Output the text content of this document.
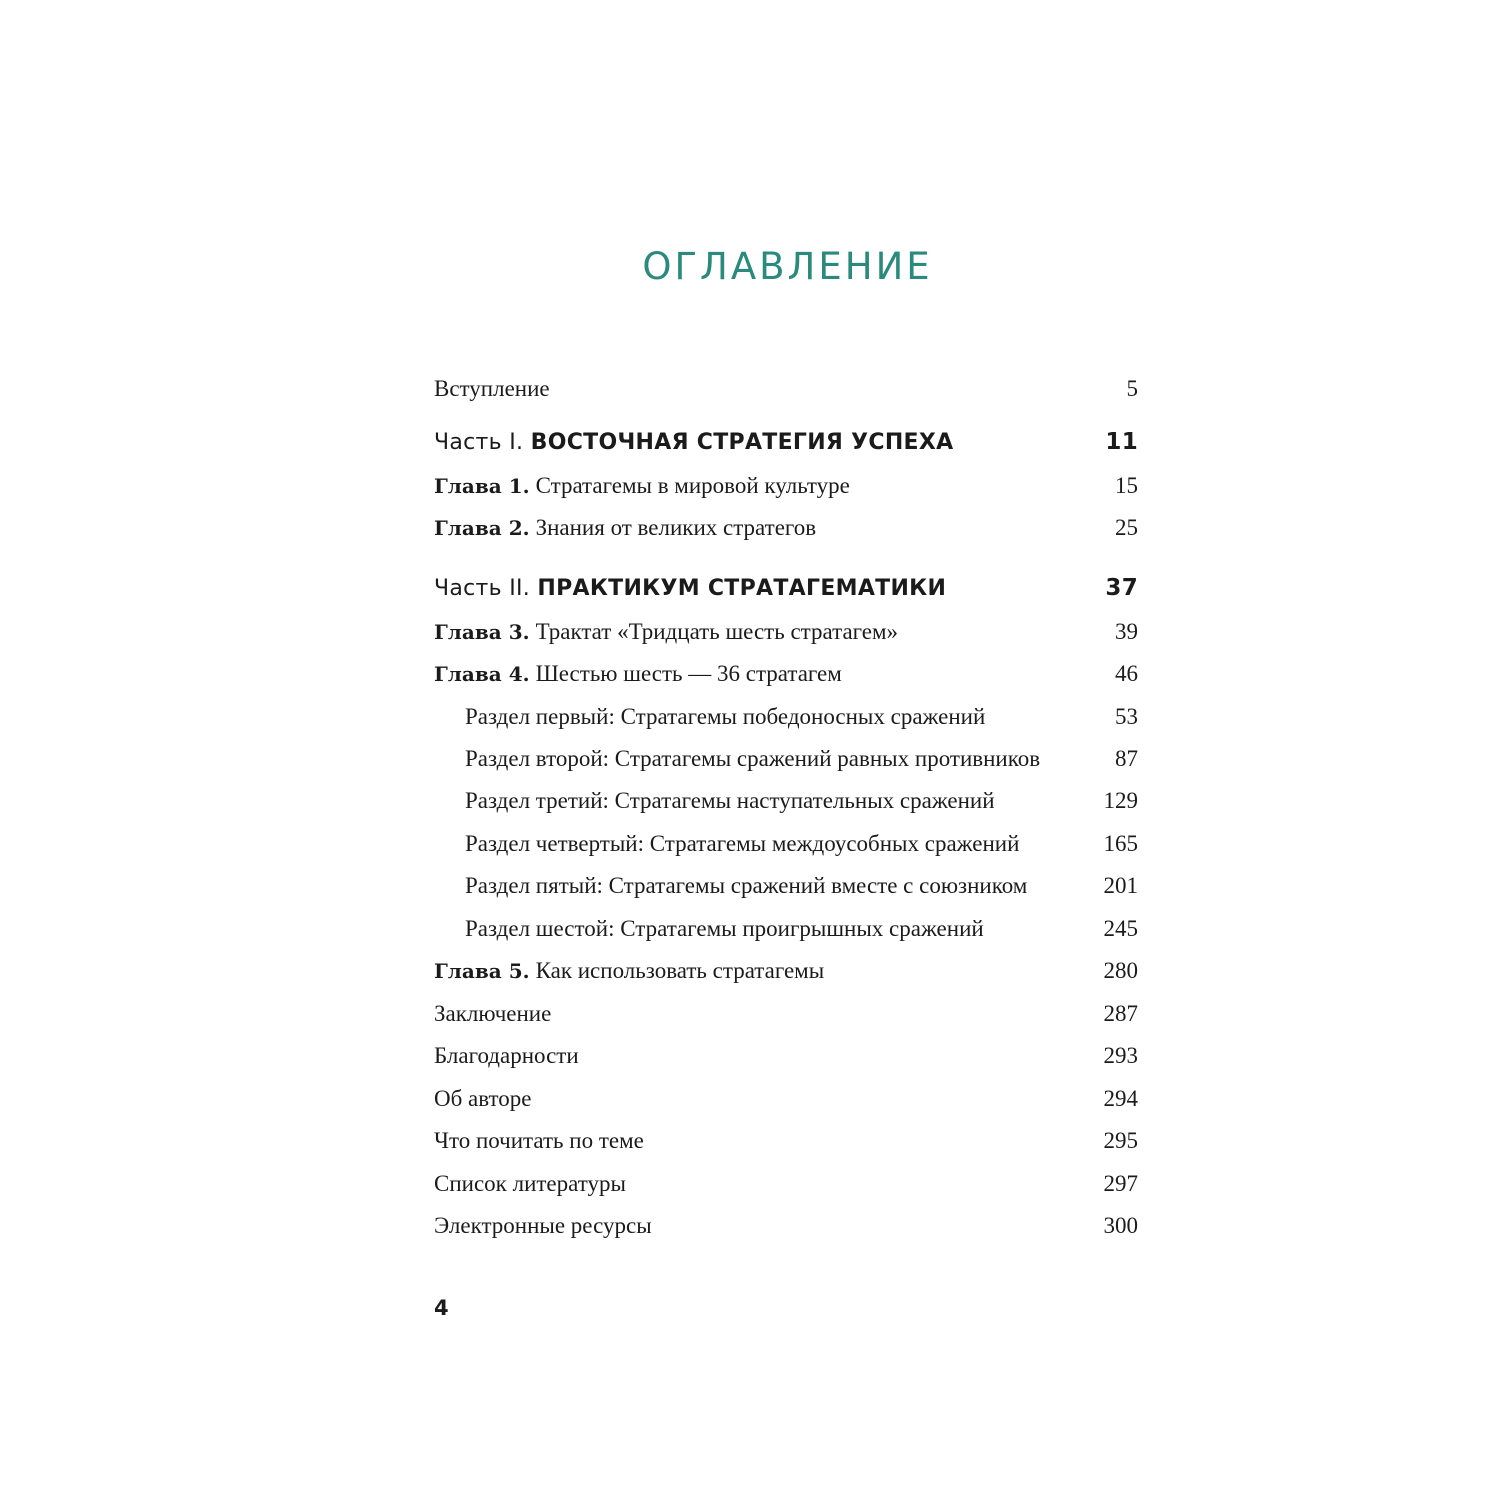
ОГЛАВЛЕНИЕ
Вступление	5
Часть I. ВОСТОЧНАЯ СТРАТЕГИЯ УСПЕХА	11
Глава 1. Стратагемы в мировой культуре	15
Глава 2. Знания от великих стратегов	25
Часть II. ПРАКТИКУМ СТРАТАГЕМАТИКИ	37
Глава 3. Трактат «Тридцать шесть стратагем»	39
Глава 4. Шестью шесть — 36 стратагем	46
Раздел первый: Стратагемы победоносных сражений	53
Раздел второй: Стратагемы сражений равных противников	87
Раздел третий: Стратагемы наступательных сражений	129
Раздел четвертый: Стратагемы междоусобных сражений	165
Раздел пятый: Стратагемы сражений вместе с союзником	201
Раздел шестой: Стратагемы проигрышных сражений	245
Глава 5. Как использовать стратагемы	280
Заключение	287
Благодарности	293
Об авторе	294
Что почитать по теме	295
Список литературы	297
Электронные ресурсы	300
4
